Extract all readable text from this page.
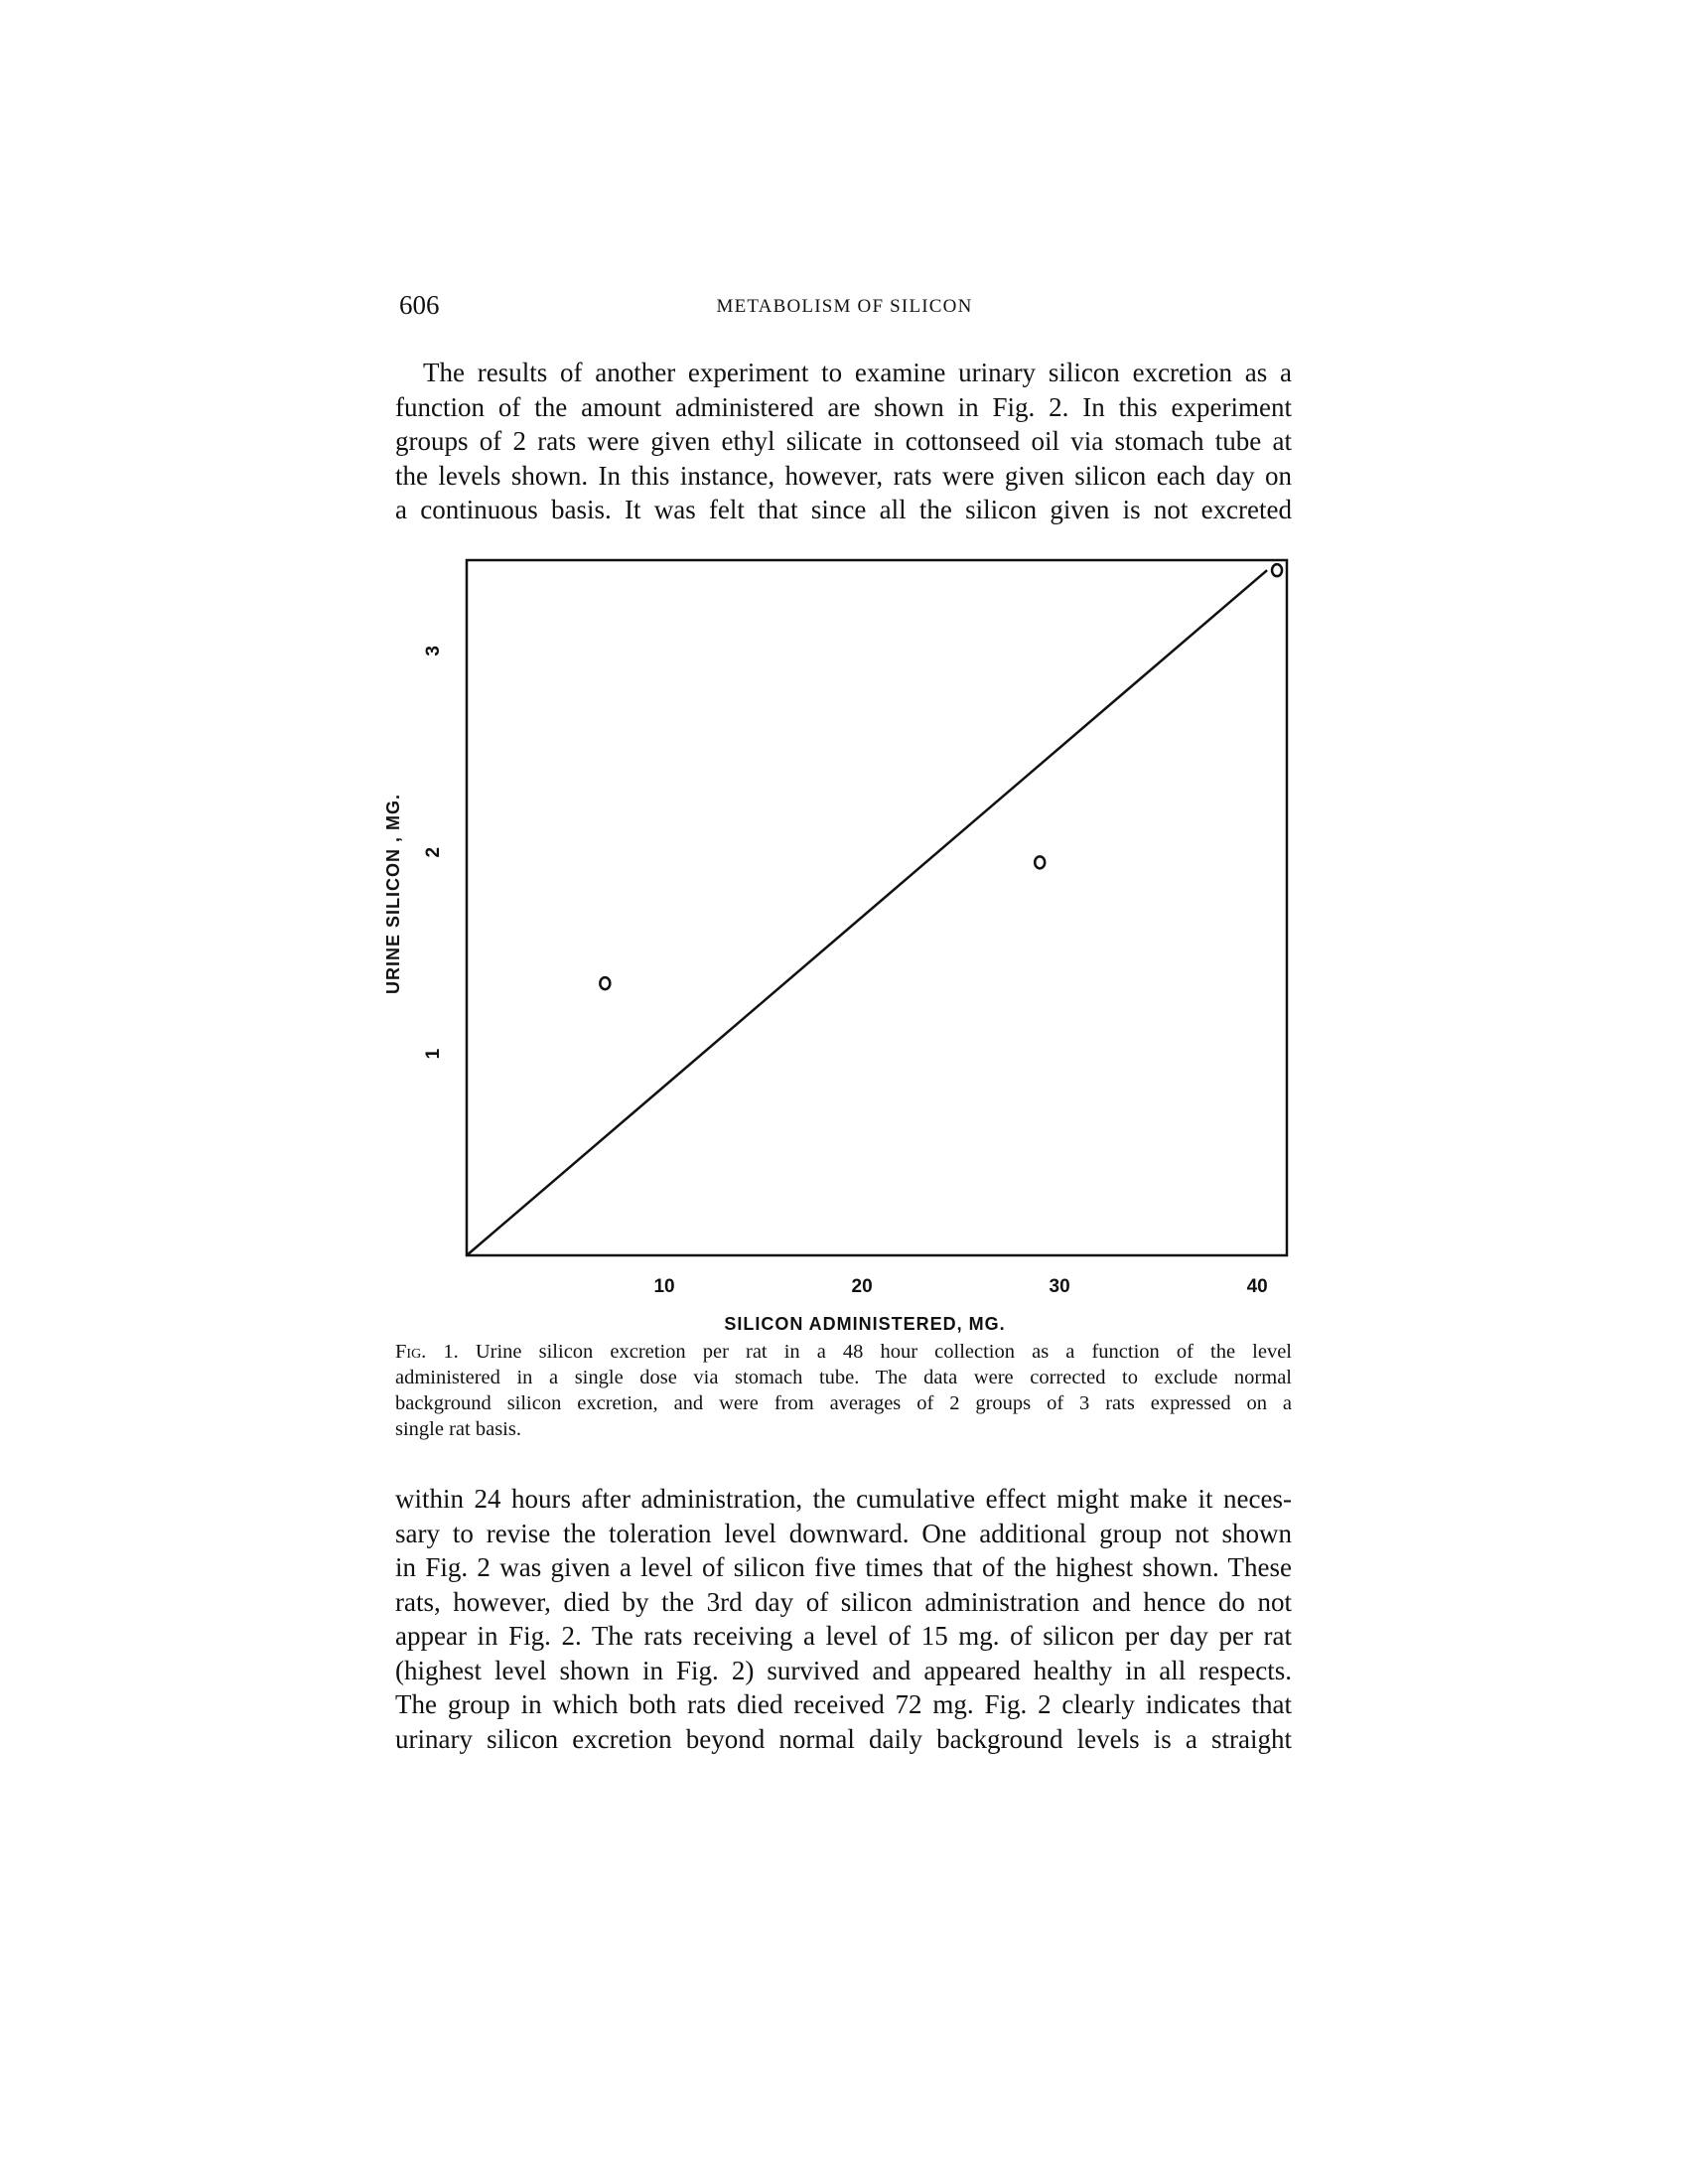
606	METABOLISM OF SILICON
The results of another experiment to examine urinary silicon excretion as a
function of the amount administered are shown in Fig. 2. In this experiment
groups of 2 rats were given ethyl silicate in cottonseed oil via stomach tube at
the levels shown. In this instance, however, rats were given silicon each day on
a continuous basis. It was felt that since all the silicon given is not excreted
10	20	30	40
1
2
3
SILICON ADMINISTERED, MG.
URINE SILICON , MG.
Fig. 1. Urine silicon excretion per rat in a 48 hour collection as a function of the level
administered in a single dose via stomach tube. The data were corrected to exclude normal
background silicon excretion, and were from averages of 2 groups of 3 rats expressed on a
single rat basis.
within 24 hours after administration, the cumulative effect might make it neces-
sary to revise the toleration level downward. One additional group not shown
in Fig. 2 was given a level of silicon five times that of the highest shown. These
rats, however, died by the 3rd day of silicon administration and hence do not
appear in Fig. 2. The rats receiving a level of 15 mg. of silicon per day per rat
(highest level shown in Fig. 2) survived and appeared healthy in all respects.
The group in which both rats died received 72 mg. Fig. 2 clearly indicates that
urinary silicon excretion beyond normal daily background levels is a straight
